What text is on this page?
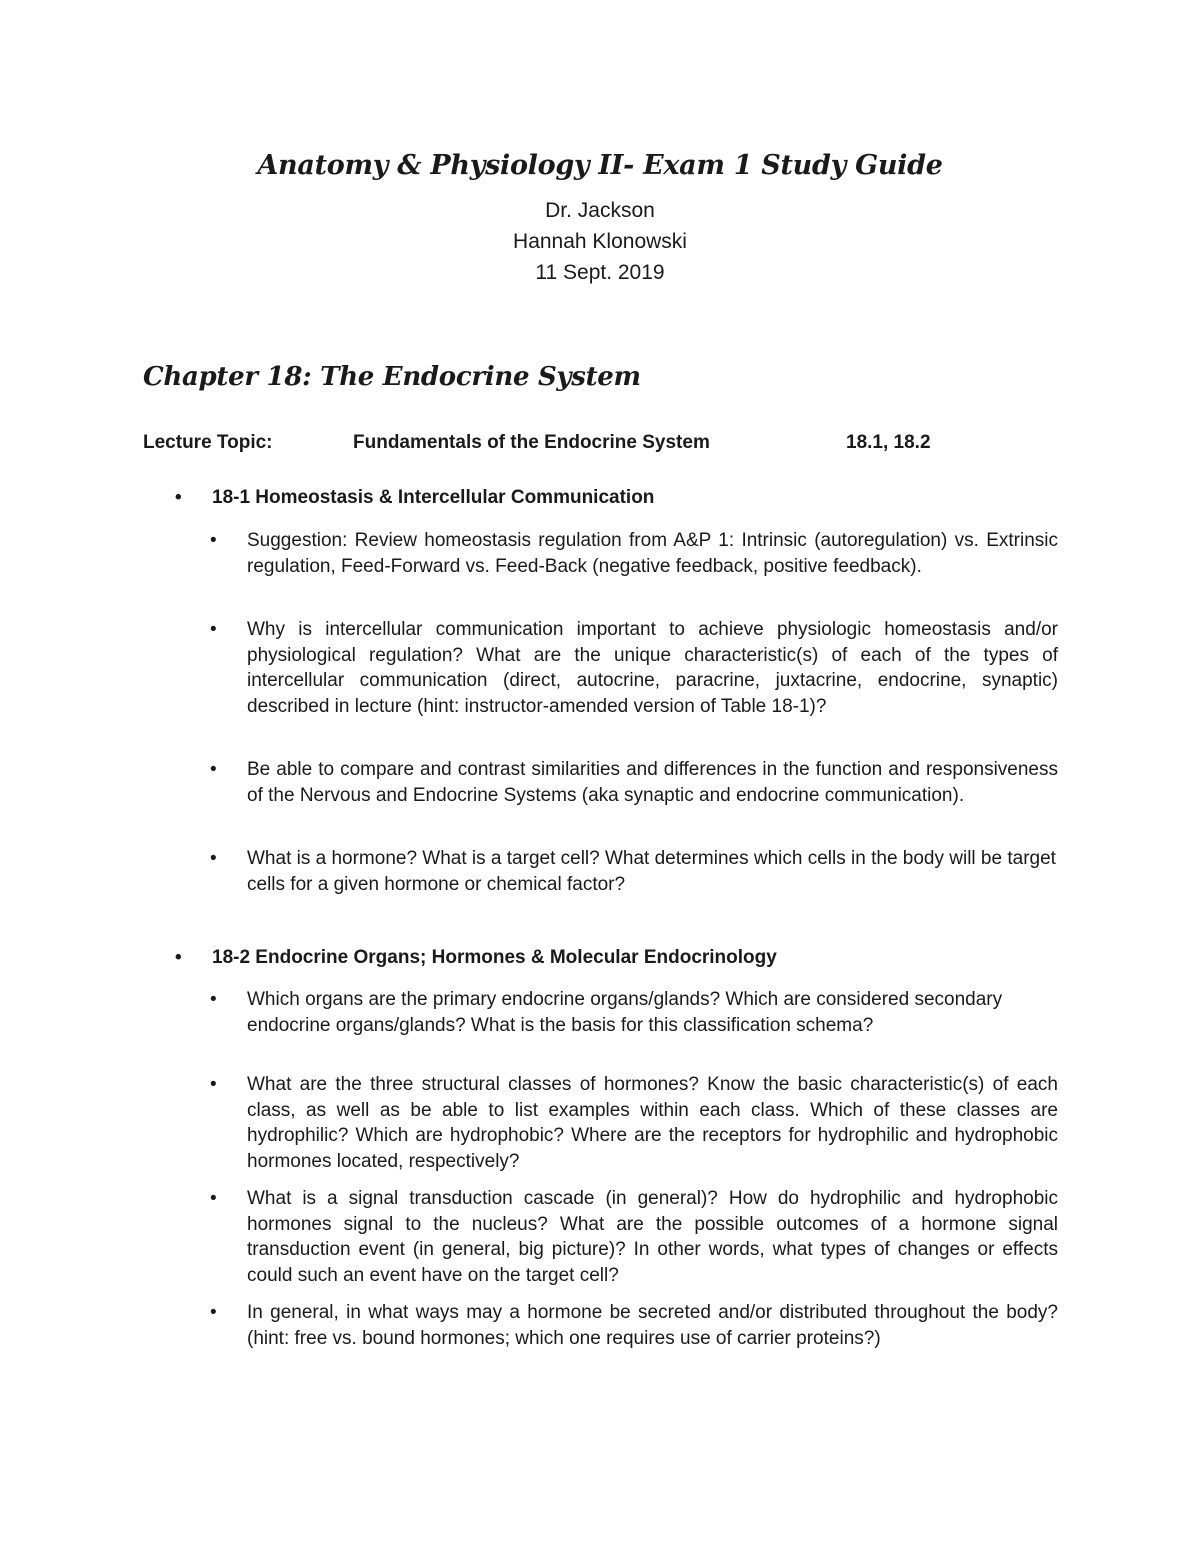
Anatomy & Physiology II- Exam 1 Study Guide

Dr. Jackson

Hannah Klonowski

11 Sept. 2019

Chapter 18: The Endocrine System
Lecture Topic:	Fundamentals of the Endocrine System	18.1, 18.2
• 18-1 Homeostasis & Intercellular Communication
• Suggestion: Review homeostasis regulation from A&P 1: Intrinsic (autoregulation) vs. Extrinsic regulation, Feed-Forward vs. Feed-Back (negative feedback, positive feedback).

• Why is intercellular communication important to achieve physiologic homeostasis and/or physiological regulation? What are the unique characteristic(s) of each of the types of intercellular communication (direct, autocrine, paracrine, juxtacrine, endocrine, synaptic) described in lecture (hint: instructor-amended version of Table 18-1)?

• Be able to compare and contrast similarities and differences in the function and responsiveness of the Nervous and Endocrine Systems (aka synaptic and endocrine communication).

• What is a hormone? What is a target cell? What determines which cells in the body will be target cells for a given hormone or chemical factor?

• 18-2 Endocrine Organs; Hormones & Molecular Endocrinology
• Which organs are the primary endocrine organs/glands? Which are considered secondary endocrine organs/glands? What is the basis for this classification schema?

• What are the three structural classes of hormones? Know the basic characteristic(s) of each class, as well as be able to list examples within each class. Which of these classes are hydrophilic? Which are hydrophobic? Where are the receptors for hydrophilic and hydrophobic hormones located, respectively?

• What is a signal transduction cascade (in general)? How do hydrophilic and hydrophobic hormones signal to the nucleus? What are the possible outcomes of a hormone signal transduction event (in general, big picture)? In other words, what types of changes or effects could such an event have on the target cell?

• In general, in what ways may a hormone be secreted and/or distributed throughout the body? (hint: free vs. bound hormones; which one requires use of carrier proteins?)
